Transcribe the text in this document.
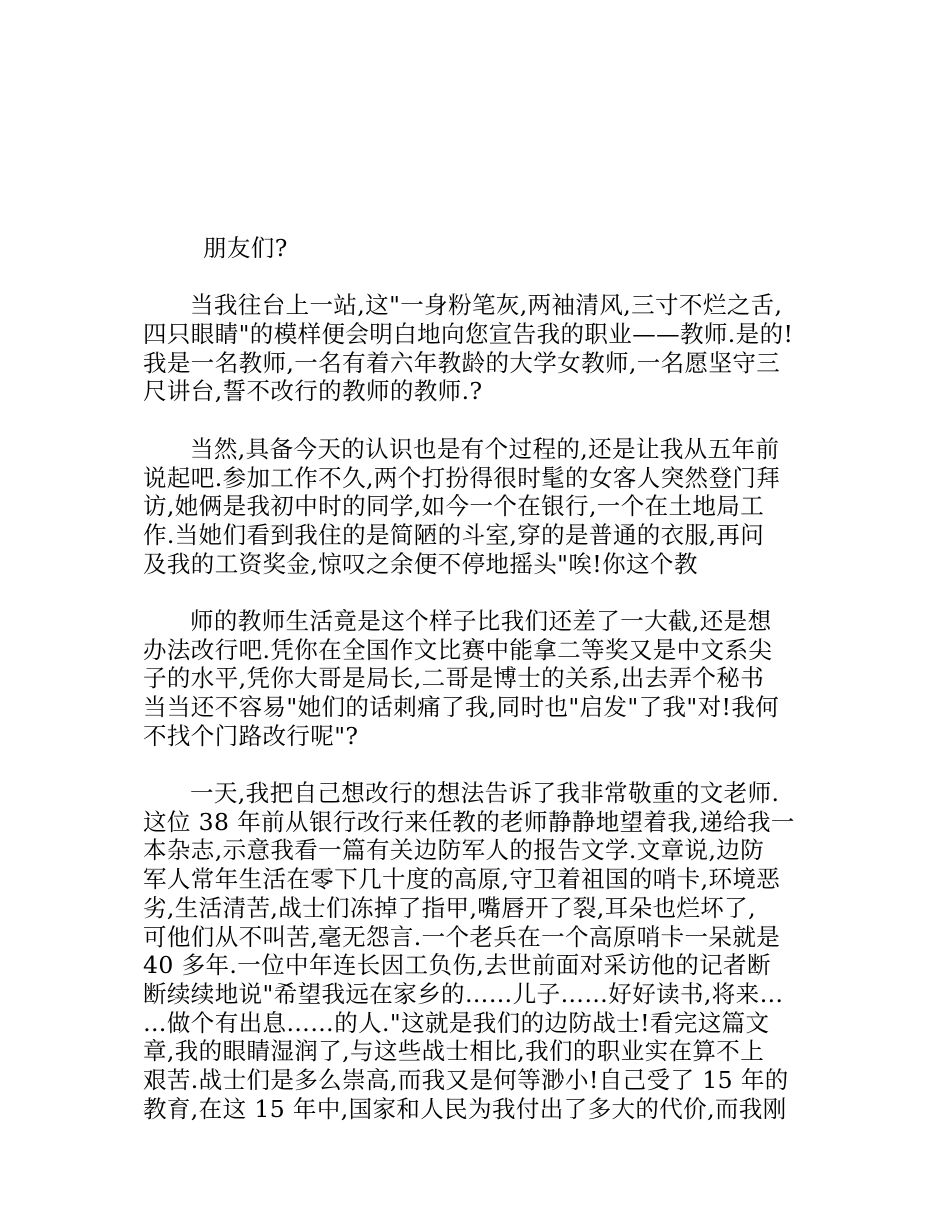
朋友们?
当我往台上一站,这"一身粉笔灰,两袖清风,三寸不烂之舌,
四只眼睛"的模样便会明白地向您宣告我的职业——教师.是的!
我是一名教师,一名有着六年教龄的大学女教师,一名愿坚守三
尺讲台,誓不改行的教师的教师.?
当然,具备今天的认识也是有个过程的,还是让我从五年前
说起吧.参加工作不久,两个打扮得很时髦的女客人突然登门拜
访,她俩是我初中时的同学,如今一个在银行,一个在土地局工
作.当她们看到我住的是简陋的斗室,穿的是普通的衣服,再问
及我的工资奖金,惊叹之余便不停地摇头"唉!你这个教
师的教师生活竟是这个样子比我们还差了一大截,还是想
办法改行吧.凭你在全国作文比赛中能拿二等奖又是中文系尖
子的水平,凭你大哥是局长,二哥是博士的关系,出去弄个秘书
当当还不容易"她们的话刺痛了我,同时也"启发"了我"对!我何
不找个门路改行呢"?
一天,我把自己想改行的想法告诉了我非常敬重的文老师.
这位 38 年前从银行改行来任教的老师静静地望着我,递给我一
本杂志,示意我看一篇有关边防军人的报告文学.文章说,边防
军人常年生活在零下几十度的高原,守卫着祖国的哨卡,环境恶
劣,生活清苦,战士们冻掉了指甲,嘴唇开了裂,耳朵也烂坏了,
可他们从不叫苦,毫无怨言.一个老兵在一个高原哨卡一呆就是
40 多年.一位中年连长因工负伤,去世前面对采访他的记者断
断续续地说"希望我远在家乡的……儿子……好好读书,将来…
…做个有出息……的人."这就是我们的边防战士!看完这篇文
章,我的眼睛湿润了,与这些战士相比,我们的职业实在算不上
艰苦.战士们是多么崇高,而我又是何等渺小!自己受了 15 年的
教育,在这 15 年中,国家和人民为我付出了多大的代价,而我刚
